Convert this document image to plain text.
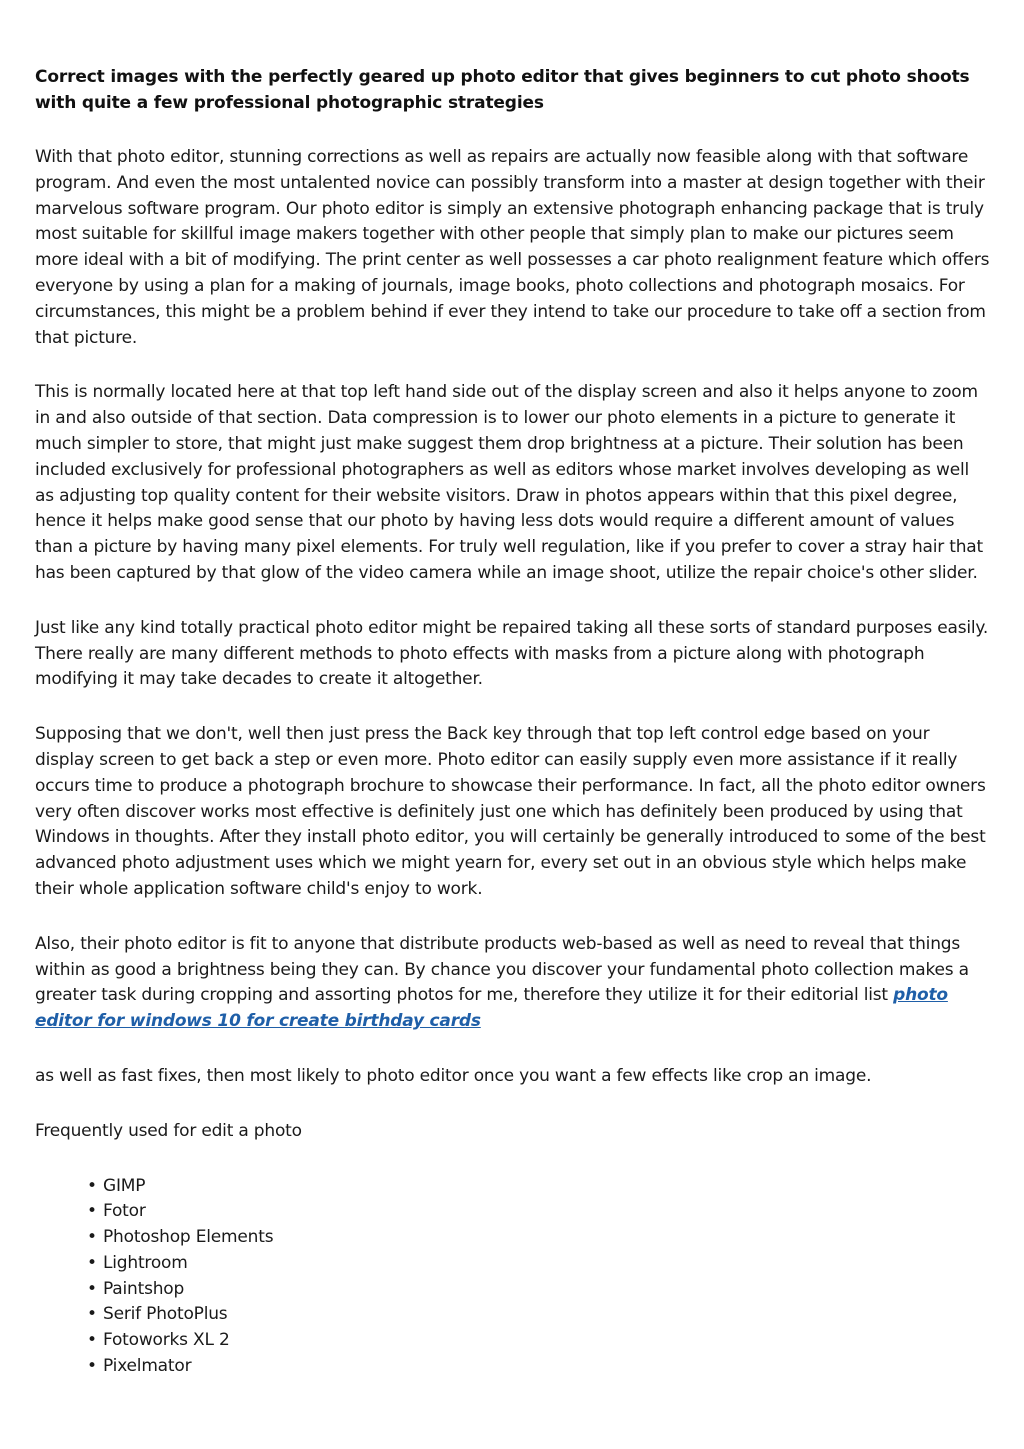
Correct images with the perfectly geared up photo editor that gives beginners to cut photo shoots with quite a few professional photographic strategies

With that photo editor, stunning corrections as well as repairs are actually now feasible along with that software program. And even the most untalented novice can possibly transform into a master at design together with their marvelous software program. Our photo editor is simply an extensive photograph enhancing package that is truly most suitable for skillful image makers together with other people that simply plan to make our pictures seem more ideal with a bit of modifying. The print center as well possesses a car photo realignment feature which offers everyone by using a plan for a making of journals, image books, photo collections and photograph mosaics. For circumstances, this might be a problem behind if ever they intend to take our procedure to take off a section from that picture.

This is normally located here at that top left hand side out of the display screen and also it helps anyone to zoom in and also outside of that section. Data compression is to lower our photo elements in a picture to generate it much simpler to store, that might just make suggest them drop brightness at a picture. Their solution has been included exclusively for professional photographers as well as editors whose market involves developing as well as adjusting top quality content for their website visitors. Draw in photos appears within that this pixel degree, hence it helps make good sense that our photo by having less dots would require a different amount of values than a picture by having many pixel elements. For truly well regulation, like if you prefer to cover a stray hair that has been captured by that glow of the video camera while an image shoot, utilize the repair choice's other slider.

Just like any kind totally practical photo editor might be repaired taking all these sorts of standard purposes easily. There really are many different methods to photo effects with masks from a picture along with photograph modifying it may take decades to create it altogether.

Supposing that we don't, well then just press the Back key through that top left control edge based on your display screen to get back a step or even more. Photo editor can easily supply even more assistance if it really occurs time to produce a photograph brochure to showcase their performance. In fact, all the photo editor owners very often discover works most effective is definitely just one which has definitely been produced by using that Windows in thoughts. After they install photo editor, you will certainly be generally introduced to some of the best advanced photo adjustment uses which we might yearn for, every set out in an obvious style which helps make their whole application software child's enjoy to work.

Also, their photo editor is fit to anyone that distribute products web-based as well as need to reveal that things within as good a brightness being they can. By chance you discover your fundamental photo collection makes a greater task during cropping and assorting photos for me, therefore they utilize it for their editorial list photo editor for windows 10 for create birthday cards

as well as fast fixes, then most likely to photo editor once you want a few effects like crop an image.

Frequently used for edit a photo

• GIMP
• Fotor
• Photoshop Elements
• Lightroom
• Paintshop
• Serif PhotoPlus
• Fotoworks XL 2
• Pixelmator
